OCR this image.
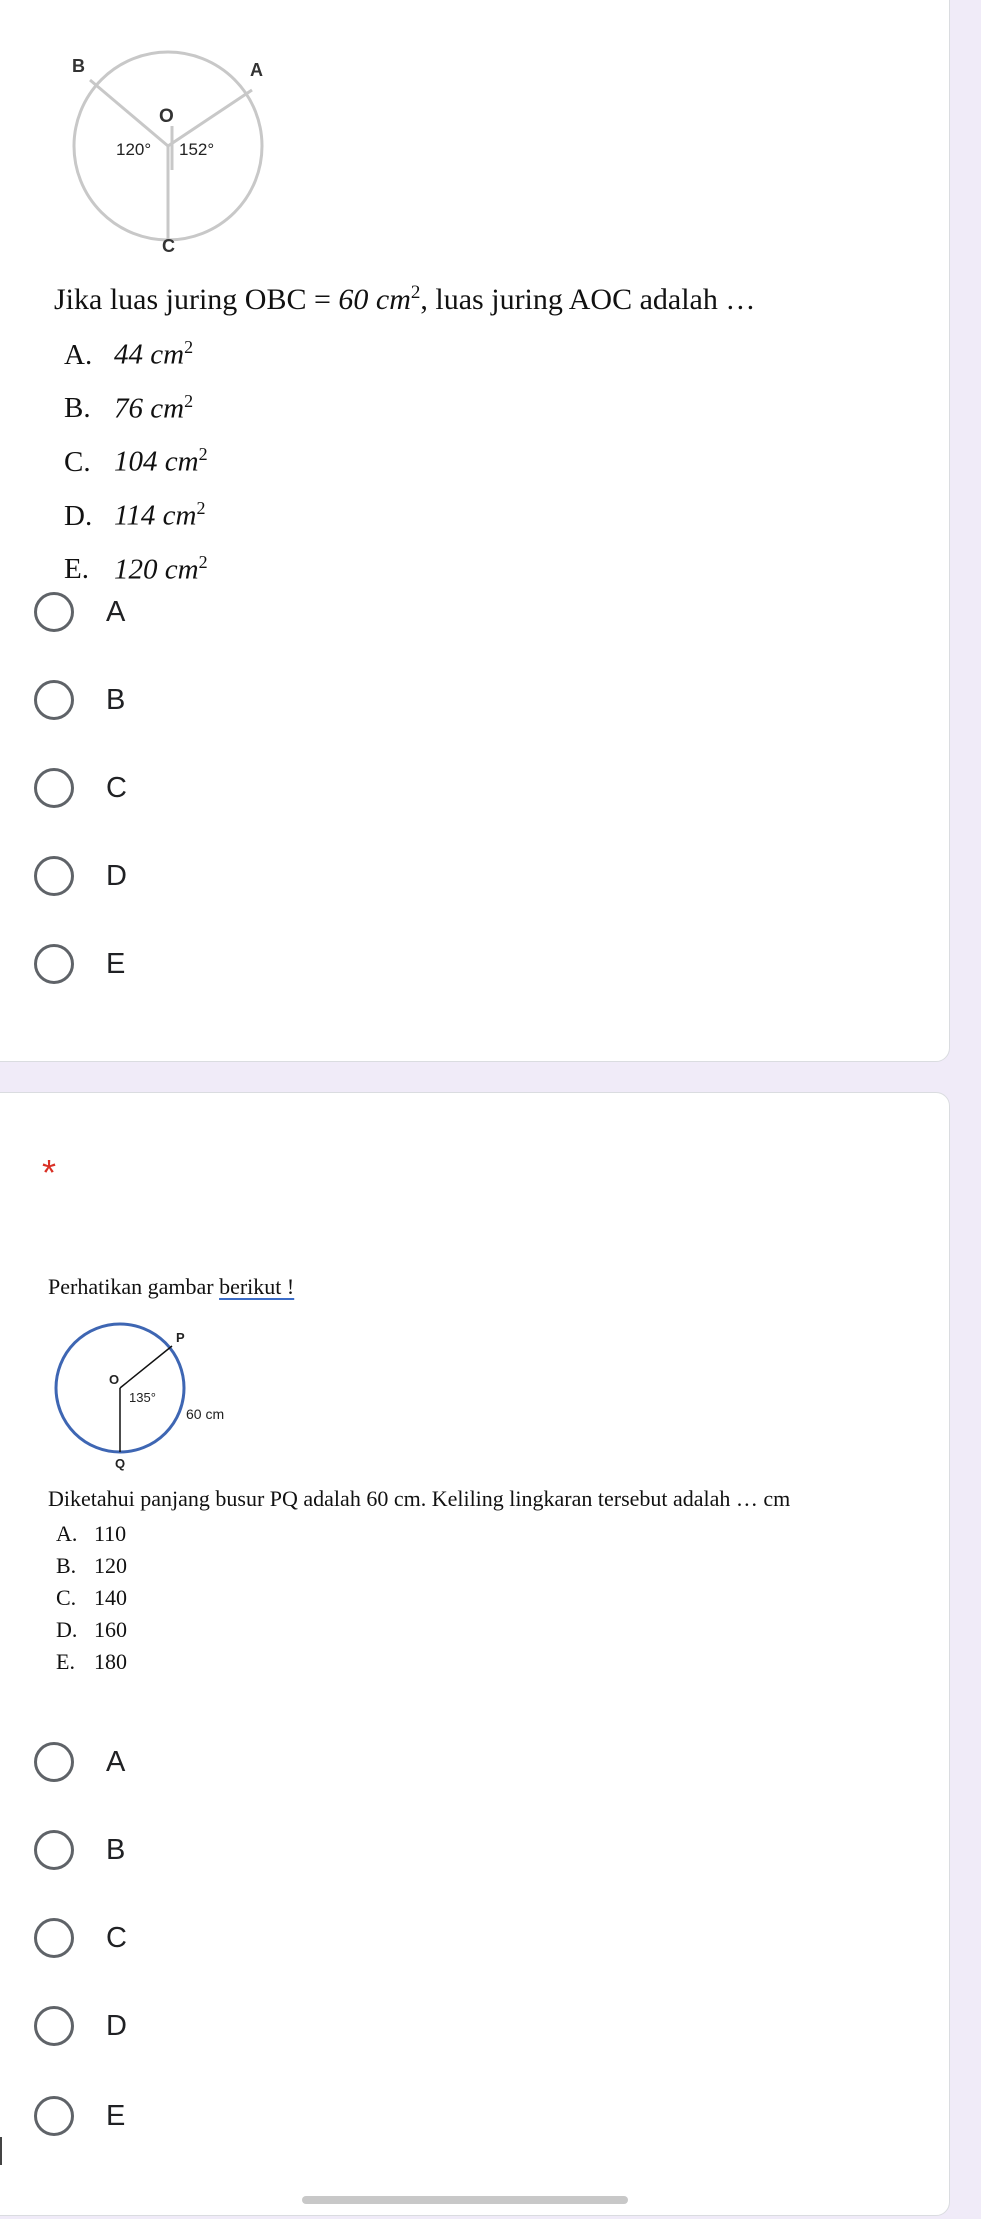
B	A
O
120° 152°
C
Jika luas juring OBC = 60 $cm^2$, luas juring AOC adalah …
A. 44 $cm^2$
B. 76 $cm^2$
C. 104 $cm^2$
D. 114 $cm^2$
E. 120 $cm^2$
A
B
C
D
E
*
Perhatikan gambar berikut !
P
O
135°
60 cm
Q
Diketahui panjang busur PQ adalah 60 cm. Keliling lingkaran tersebut adalah … cm
A. 110
B. 120
C. 140
D. 160
E. 180
A
B
C
D
E
